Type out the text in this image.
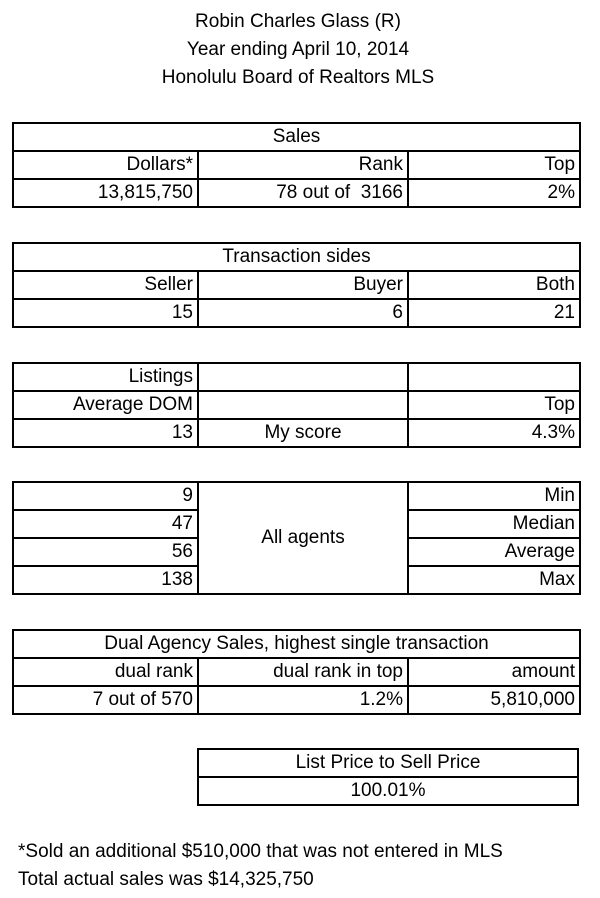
Robin Charles Glass (R)
Year ending April 10, 2014
Honolulu Board of Realtors MLS
Sales		
Dollars*	Rank	Top
13,815,750	78 out of  3166	2%
Transaction sides		
Seller	Buyer	Both
15	6	21
Listings		
Average DOM		Top
13	My score	4.3%
9	All agents	Min
47		Median
56		Average
138		Max
Dual Agency Sales, highest single transaction		
dual rank	dual rank in top	amount
7 out of 570	1.2%	5,810,000
List Price to Sell Price
100.01%
*Sold an additional $510,000 that was not entered in MLS
Total actual sales was $14,325,750
